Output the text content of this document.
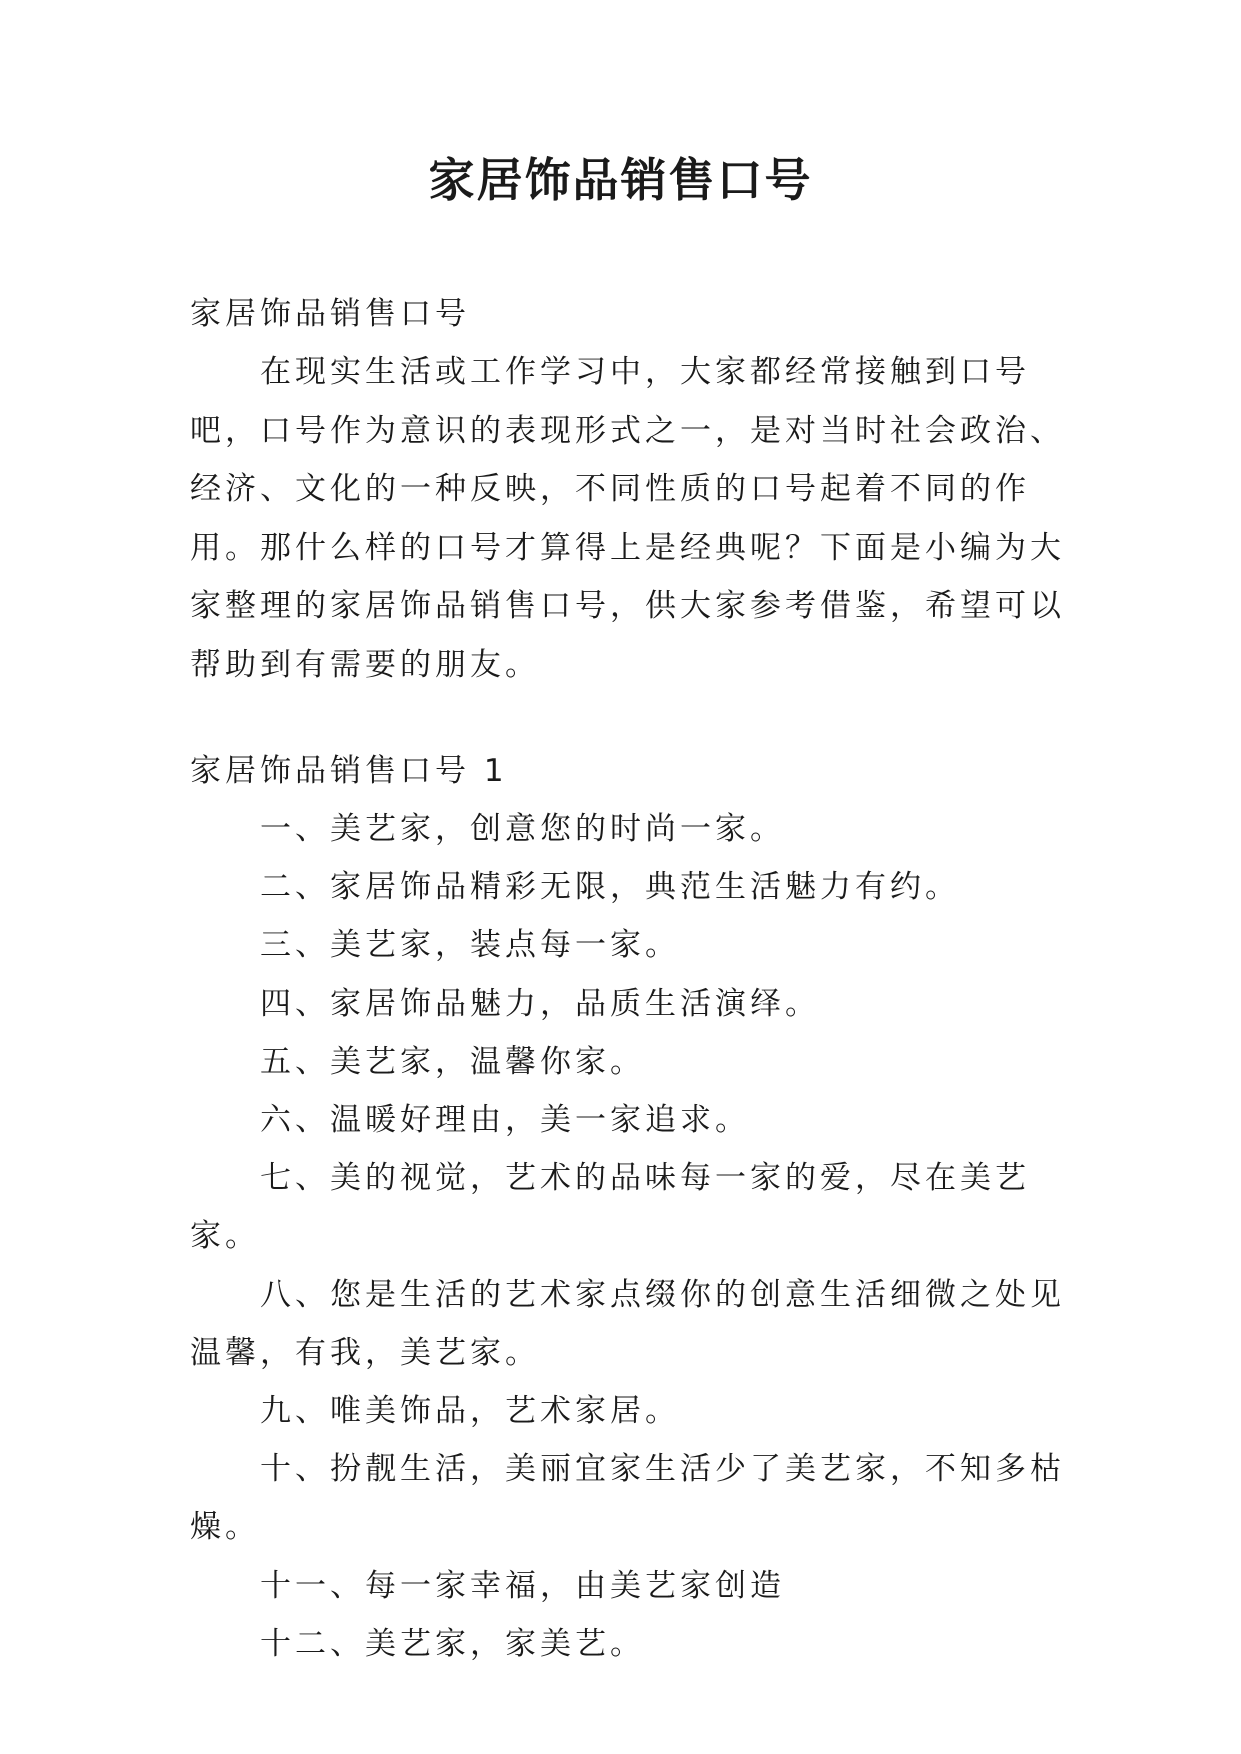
家居饰品销售口号

家居饰品销售口号

在现实生活或工作学习中，大家都经常接触到口号吧，口号作为意识的表现形式之一，是对当时社会政治、经济、文化的一种反映，不同性质的口号起着不同的作用。那什么样的口号才算得上是经典呢？下面是小编为大家整理的家居饰品销售口号，供大家参考借鉴，希望可以帮助到有需要的朋友。

家居饰品销售口号 1

一、美艺家，创意您的时尚一家。

二、家居饰品精彩无限，典范生活魅力有约。

三、美艺家，装点每一家。

四、家居饰品魅力，品质生活演绎。

五、美艺家，温馨你家。

六、温暖好理由，美一家追求。

七、美的视觉，艺术的品味每一家的爱，尽在美艺家。

八、您是生活的艺术家点缀你的创意生活细微之处见温馨，有我，美艺家。

九、唯美饰品，艺术家居。

十、扮靓生活，美丽宜家生活少了美艺家，不知多枯燥。

十一、每一家幸福，由美艺家创造

十二、美艺家，家美艺。
